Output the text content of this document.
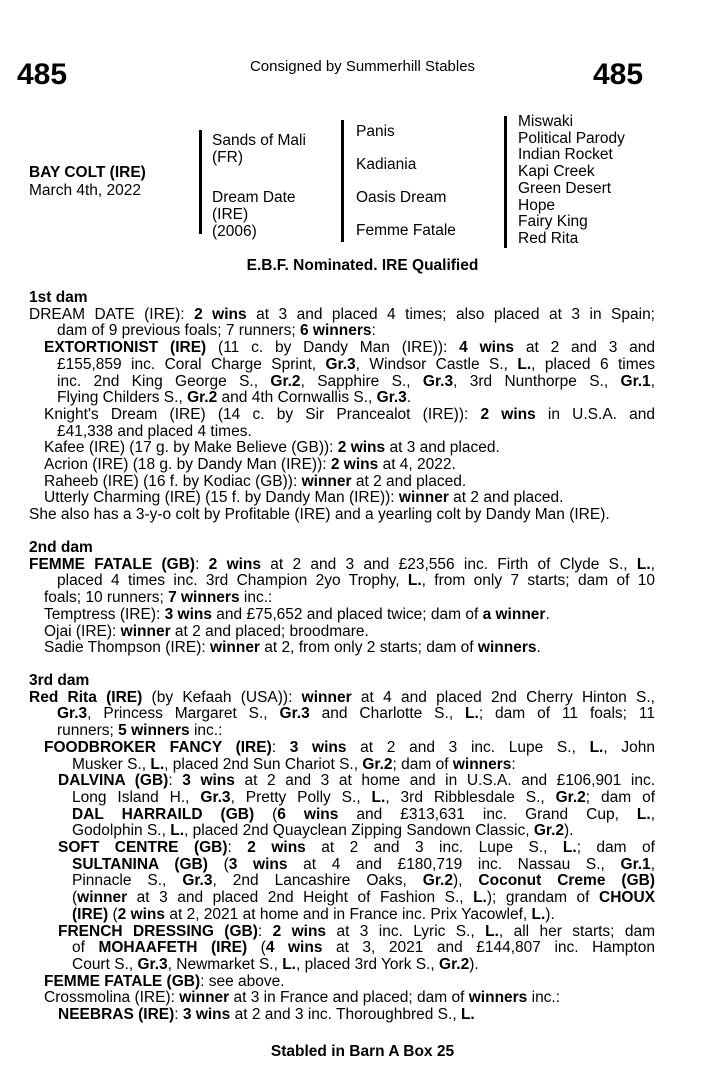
485	485
Consigned by Summerhill Stables
BAY COLT (IRE)
March 4th, 2022
Sands of Mali
(FR)
Dream Date
(IRE)
(2006)
Panis
Kadiania
Oasis Dream
Femme Fatale
Miswaki
Political Parody
Indian Rocket
Kapi Creek
Green Desert
Hope
Fairy King
Red Rita
E.B.F. Nominated. IRE Qualified
1st dam
DREAM DATE (IRE): 2 wins at 3 and placed 4 times; also placed at 3 in Spain;
dam of 9 previous foals; 7 runners; 6 winners:
EXTORTIONIST (IRE) (11 c. by Dandy Man (IRE)): 4 wins at 2 and 3 and
£155,859 inc. Coral Charge Sprint, Gr.3, Windsor Castle S., L., placed 6 times
inc. 2nd King George S., Gr.2, Sapphire S., Gr.3, 3rd Nunthorpe S., Gr.1,
Flying Childers S., Gr.2 and 4th Cornwallis S., Gr.3.
Knight's Dream (IRE) (14 c. by Sir Prancealot (IRE)): 2 wins in U.S.A. and
£41,338 and placed 4 times.
Kafee (IRE) (17 g. by Make Believe (GB)): 2 wins at 3 and placed.
Acrion (IRE) (18 g. by Dandy Man (IRE)): 2 wins at 4, 2022.
Raheeb (IRE) (16 f. by Kodiac (GB)): winner at 2 and placed.
Utterly Charming (IRE) (15 f. by Dandy Man (IRE)): winner at 2 and placed.
She also has a 3-y-o colt by Profitable (IRE) and a yearling colt by Dandy Man (IRE).
2nd dam
FEMME FATALE (GB): 2 wins at 2 and 3 and £23,556 inc. Firth of Clyde S., L.,
placed 4 times inc. 3rd Champion 2yo Trophy, L., from only 7 starts; dam of 10
foals; 10 runners; 7 winners inc.:
Temptress (IRE): 3 wins and £75,652 and placed twice; dam of a winner.
Ojai (IRE): winner at 2 and placed; broodmare.
Sadie Thompson (IRE): winner at 2, from only 2 starts; dam of winners.
3rd dam
Red Rita (IRE) (by Kefaah (USA)): winner at 4 and placed 2nd Cherry Hinton S.,
Gr.3, Princess Margaret S., Gr.3 and Charlotte S., L.; dam of 11 foals; 11
runners; 5 winners inc.:
FOODBROKER FANCY (IRE): 3 wins at 2 and 3 inc. Lupe S., L., John
Musker S., L., placed 2nd Sun Chariot S., Gr.2; dam of winners:
DALVINA (GB): 3 wins at 2 and 3 at home and in U.S.A. and £106,901 inc.
Long Island H., Gr.3, Pretty Polly S., L., 3rd Ribblesdale S., Gr.2; dam of
DAL HARRAILD (GB) (6 wins and £313,631 inc. Grand Cup, L.,
Godolphin S., L., placed 2nd Quayclean Zipping Sandown Classic, Gr.2).
SOFT CENTRE (GB): 2 wins at 2 and 3 inc. Lupe S., L.; dam of
SULTANINA (GB) (3 wins at 4 and £180,719 inc. Nassau S., Gr.1,
Pinnacle S., Gr.3, 2nd Lancashire Oaks, Gr.2), Coconut Creme (GB)
(winner at 3 and placed 2nd Height of Fashion S., L.); grandam of CHOUX
(IRE) (2 wins at 2, 2021 at home and in France inc. Prix Yacowlef, L.).
FRENCH DRESSING (GB): 2 wins at 3 inc. Lyric S., L., all her starts; dam
of MOHAAFETH (IRE) (4 wins at 3, 2021 and £144,807 inc. Hampton
Court S., Gr.3, Newmarket S., L., placed 3rd York S., Gr.2).
FEMME FATALE (GB): see above.
Crossmolina (IRE): winner at 3 in France and placed; dam of winners inc.:
NEEBRAS (IRE): 3 wins at 2 and 3 inc. Thoroughbred S., L.
Stabled in Barn A Box 25
